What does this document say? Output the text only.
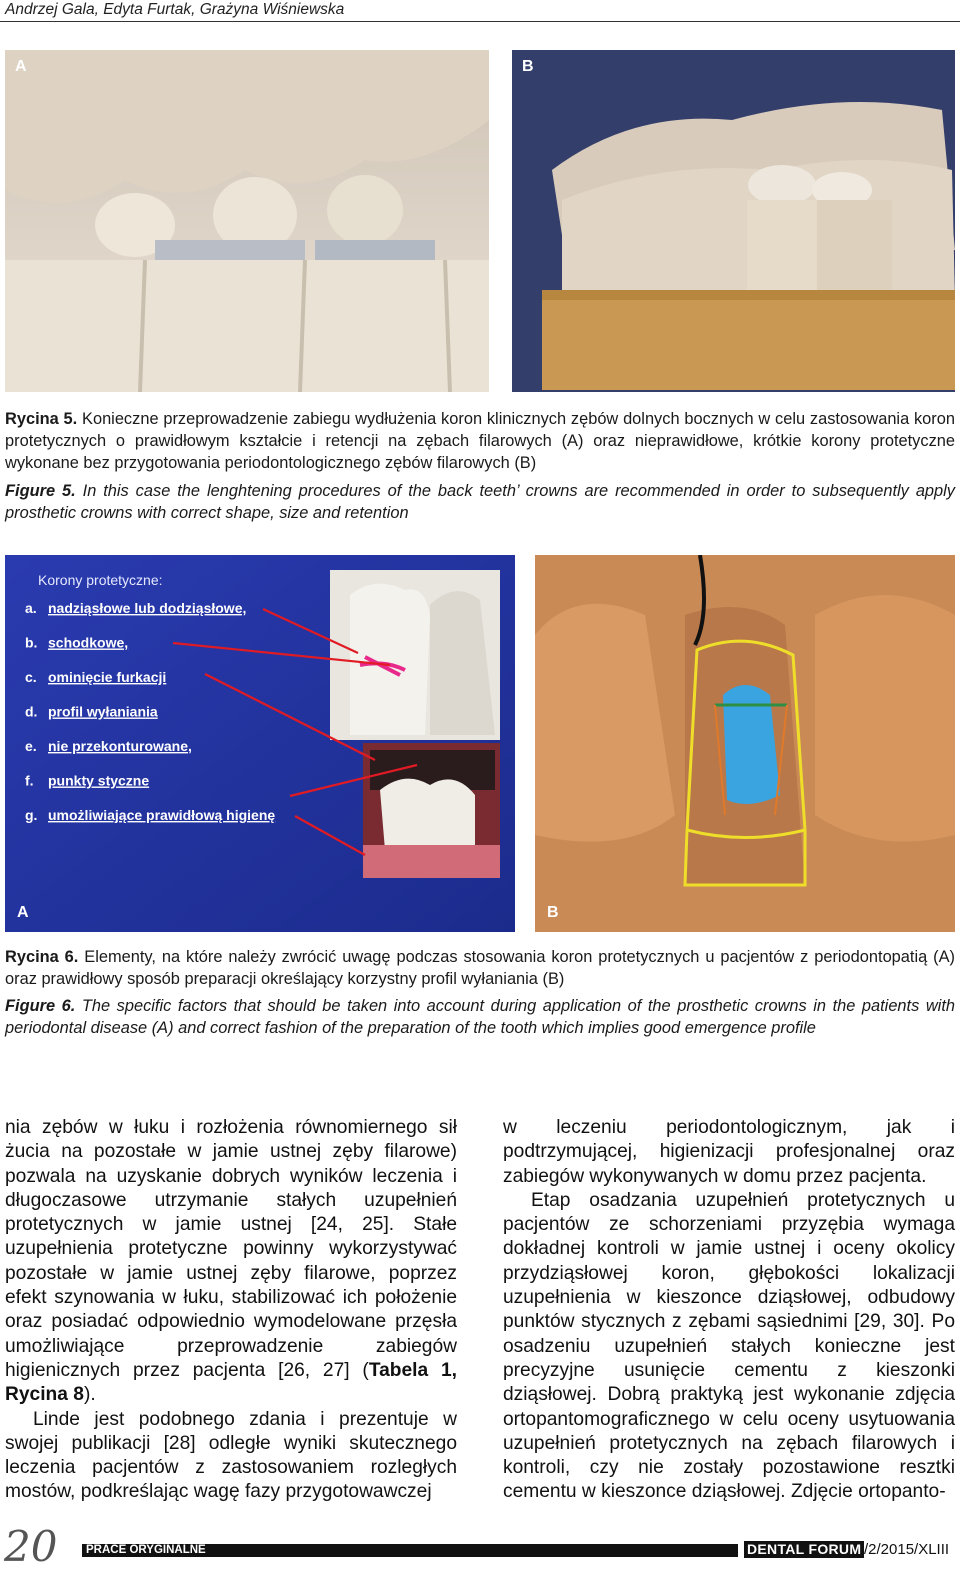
Andrzej Gala, Edyta Furtak, Grażyna Wiśniewska
A	B
Rycina 5. Konieczne przeprowadzenie zabiegu wydłużenia koron klinicznych zębów dolnych bocznych w celu zastosowania koron protetycznych o prawidłowym kształcie i retencji na zębach filarowych (A) oraz nieprawidłowe, krótkie korony protetyczne wykonane bez przygotowania periodontologicznego zębów filarowych (B)
Figure 5. In this case the lenghtening procedures of the back teeth’ crowns are recommended in order to subsequently apply prosthetic crowns with correct shape, size and retention
Korony protetyczne:
a. nadziąsłowe lub dodziąsłowe,
b. schodkowe,
c. ominięcie furkacji
d. profil wyłaniania
e. nie przekonturowane,
f. punkty styczne
g. umożliwiające prawidłową higienę
A	B
Rycina 6. Elementy, na które należy zwrócić uwagę podczas stosowania koron protetycznych u pacjentów z periodontopatią (A) oraz prawidłowy sposób preparacji określający korzystny profil wyłaniania (B)
Figure 6. The specific factors that should be taken into account during application of the prosthetic crowns in the patients with periodontal disease (A) and correct fashion of the preparation of the tooth which implies good emergence profile

nia zębów w łuku i rozłożenia równomiernego sił żucia na pozostałe w jamie ustnej zęby filarowe) pozwala na uzyskanie dobrych wyników leczenia i długoczasowe utrzymanie stałych uzupełnień protetycznych w jamie ustnej [24, 25]. Stałe uzupełnienia protetyczne powinny wykorzystywać pozostałe w jamie ustnej zęby filarowe, poprzez efekt szynowania w łuku, stabilizować ich położenie oraz posiadać odpowiednio wymodelowane przęsła umożliwiające przeprowadzenie zabiegów higienicznych przez pacjenta [26, 27] (Tabela 1, Rycina 8).

Linde jest podobnego zdania i prezentuje w swojej publikacji [28] odległe wyniki skutecznego leczenia pacjentów z zastosowaniem rozległych mostów, podkreślając wagę fazy przygotowawczej

w leczeniu periodontologicznym, jak i podtrzymującej, higienizacji profesjonalnej oraz zabiegów wykonywanych w domu przez pacjenta.

Etap osadzania uzupełnień protetycznych u pacjentów ze schorzeniami przyzębia wymaga dokładnej kontroli w jamie ustnej i oceny okolicy przydziąsłowej koron, głębokości lokalizacji uzupełnienia w kieszonce dziąsłowej, odbudowy punktów stycznych z zębami sąsiednimi [29, 30]. Po osadzeniu uzupełnień stałych konieczne jest precyzyjne usunięcie cementu z kieszonki dziąsłowej. Dobrą praktyką jest wykonanie zdjęcia ortopantomograficznego w celu oceny usytuowania uzupełnień protetycznych na zębach filarowych i kontroli, czy nie zostały pozostawione resztki cementu w kieszonce dziąsłowej. Zdjęcie ortopanto-

20	PRACE ORYGINALNE	DENTAL FORUM /2/2015/XLIII
